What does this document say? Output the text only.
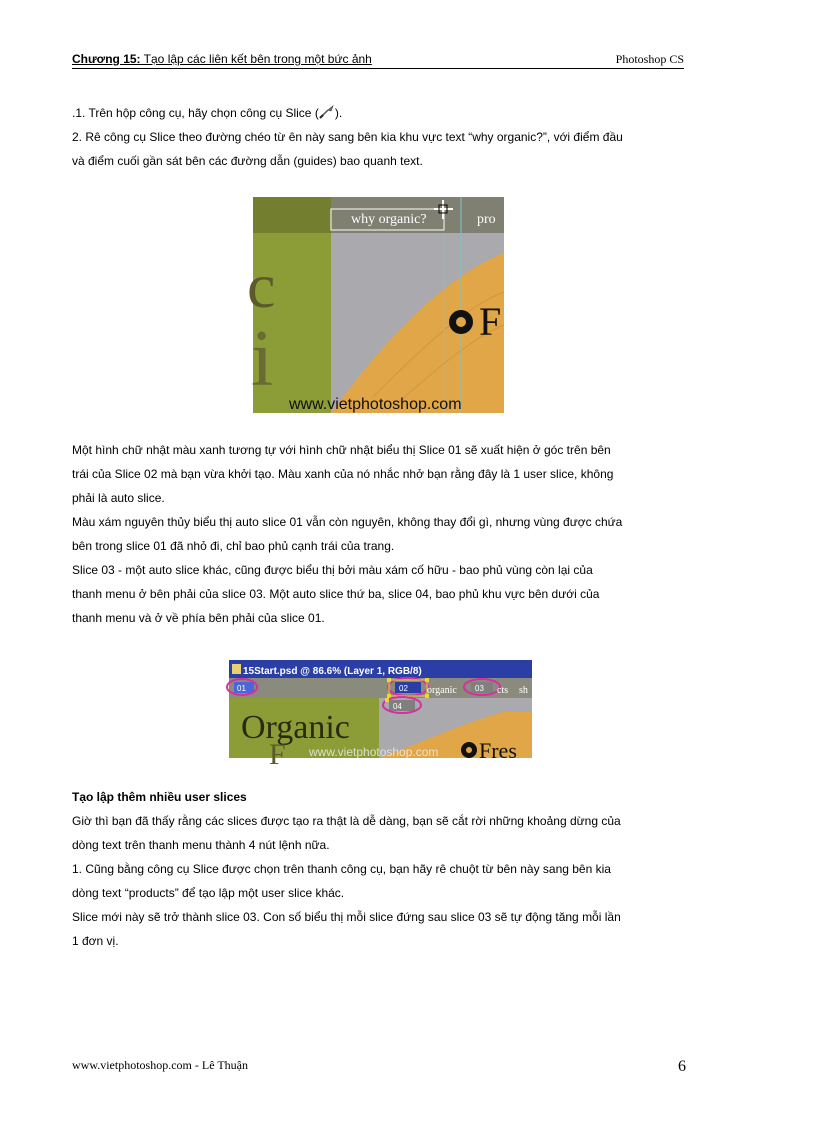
Chương 15: Tạo lập các liên kết bên trong một bức ảnh	Photoshop CS

.1. Trên hộp công cụ, hãy chọn công cụ Slice ( ).

2. Rê công cụ Slice theo đường chéo từ ên này sang bên kia khu vực text “why organic?”, với điểm đầu

và điểm cuối gần sát bên các đường dẫn (guides) bao quanh text.

why organic?	pro
c
i	F
www.vietphotoshop.com

Một hình chữ nhật màu xanh tương tự với hình chữ nhật biểu thị Slice 01 sẽ xuất hiện ở góc trên bên

trái của Slice 02 mà bạn vừa khởi tạo. Màu xanh của nó nhắc nhở bạn rằng đây là 1 user slice, không

phải là auto slice.

Màu xám nguyên thủy biểu thị auto slice 01 vẫn còn nguyên, không thay đổi gì, nhưng vùng được chứa

bên trong slice 01 đã nhỏ đi, chỉ bao phủ cạnh trái của trang.

Slice 03 - một auto slice khác, cũng được biểu thị bởi màu xám cố hữu - bao phủ vùng còn lại của

thanh menu ở bên phải của slice 03. Một auto slice thứ ba, slice 04, bao phủ khu vực bên dưới của

thanh menu và ở về phía bên phải của slice 01.

15Start.psd @ 86.6% (Layer 1, RGB/8)
01	02 organic 03 cts sh
04
Organic
F	Fres
www.vietphotoshop.com

Tạo lập thêm nhiều user slices

Giờ thì bạn đã thấy rằng các slices được tạo ra thật là dễ dàng, bạn sẽ cắt rời những khoảng dừng của

dòng text trên thanh menu thành 4 nút lệnh nữa.

1. Cũng bằng công cụ Slice được chọn trên thanh công cụ, bạn hãy rê chuột từ bên này sang bên kia

dòng text “products” để tạo lập một user slice khác.

Slice mới này sẽ trở thành slice 03. Con số biểu thị mỗi slice đứng sau slice 03 sẽ tự động tăng mỗi lần

1 đơn vị.

www.vietphotoshop.com - Lê Thuận	6
